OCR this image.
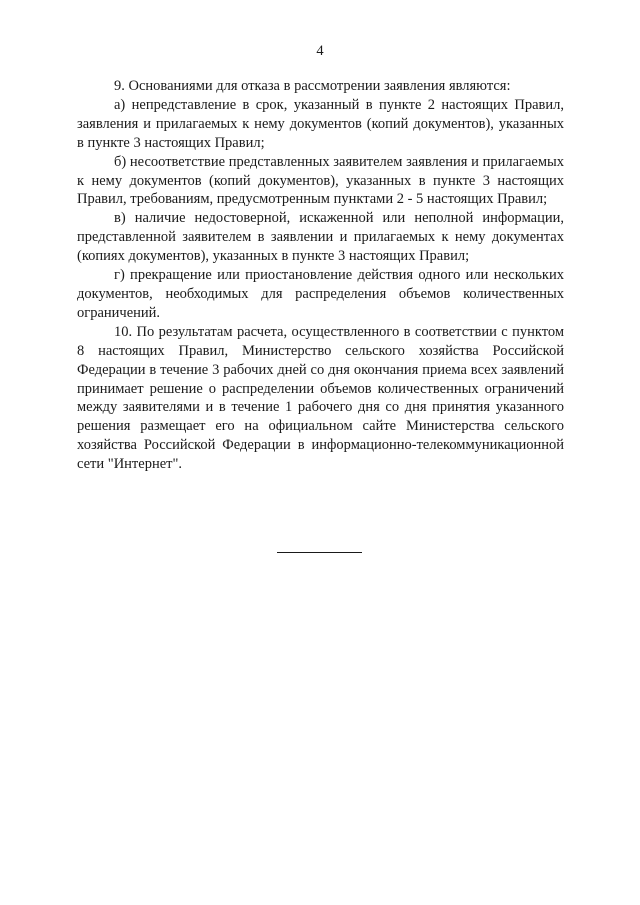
4

9. Основаниями для отказа в рассмотрении заявления являются:

а) непредставление в срок, указанный в пункте 2 настоящих Правил, заявления и прилагаемых к нему документов (копий документов), указанных в пункте 3 настоящих Правил;

б) несоответствие представленных заявителем заявления и прилагаемых к нему документов (копий документов), указанных в пункте 3 настоящих Правил, требованиям, предусмотренным пунктами 2 - 5 настоящих Правил;

в) наличие недостоверной, искаженной или неполной информации, представленной заявителем в заявлении и прилагаемых к нему документах (копиях документов), указанных в пункте 3 настоящих Правил;

г) прекращение или приостановление действия одного или нескольких документов, необходимых для распределения объемов количественных ограничений.

10. По результатам расчета, осуществленного в соответствии с пунктом 8 настоящих Правил, Министерство сельского хозяйства Российской Федерации в течение 3 рабочих дней со дня окончания приема всех заявлений принимает решение о распределении объемов количественных ограничений между заявителями и в течение 1 рабочего дня со дня принятия указанного решения размещает его на официальном сайте Министерства сельского хозяйства Российской Федерации в информационно-телекоммуникационной сети "Интернет".
